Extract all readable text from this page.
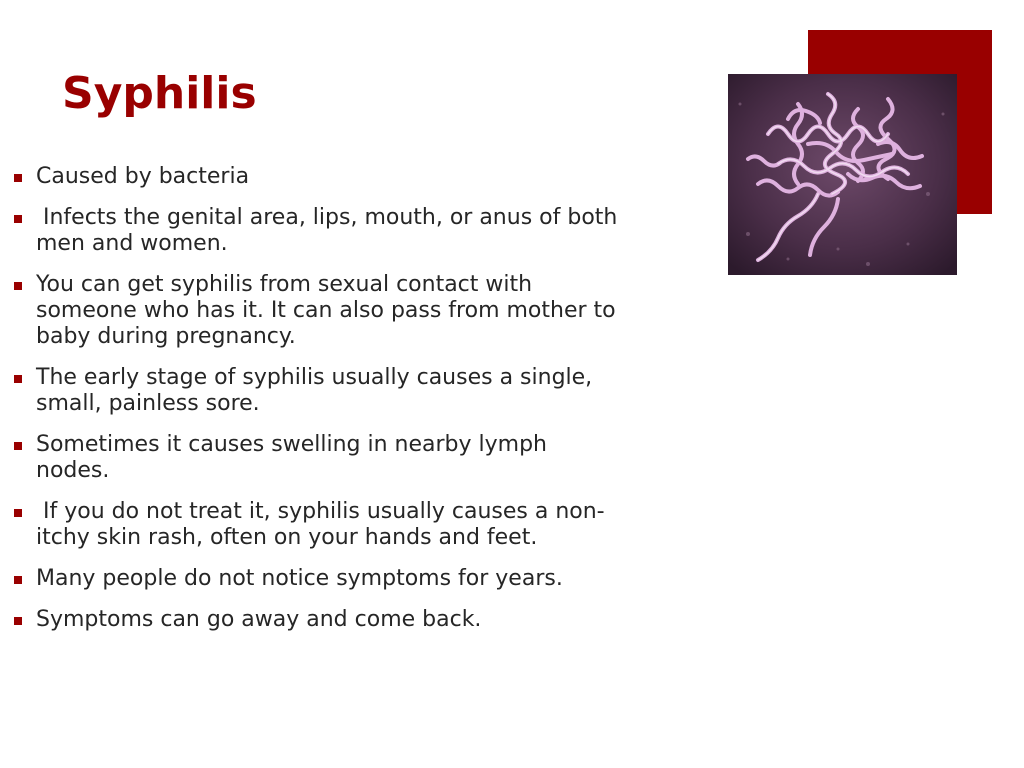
Syphilis
Caused by bacteria
Infects the genital area, lips, mouth, or anus of both
men and women.
You can get syphilis from sexual contact with
someone who has it. It can also pass from mother to
baby during pregnancy.
The early stage of syphilis usually causes a single,
small, painless sore.
Sometimes it causes swelling in nearby lymph
nodes.
If you do not treat it, syphilis usually causes a non-
itchy skin rash, often on your hands and feet.
Many people do not notice symptoms for years.
Symptoms can go away and come back.
